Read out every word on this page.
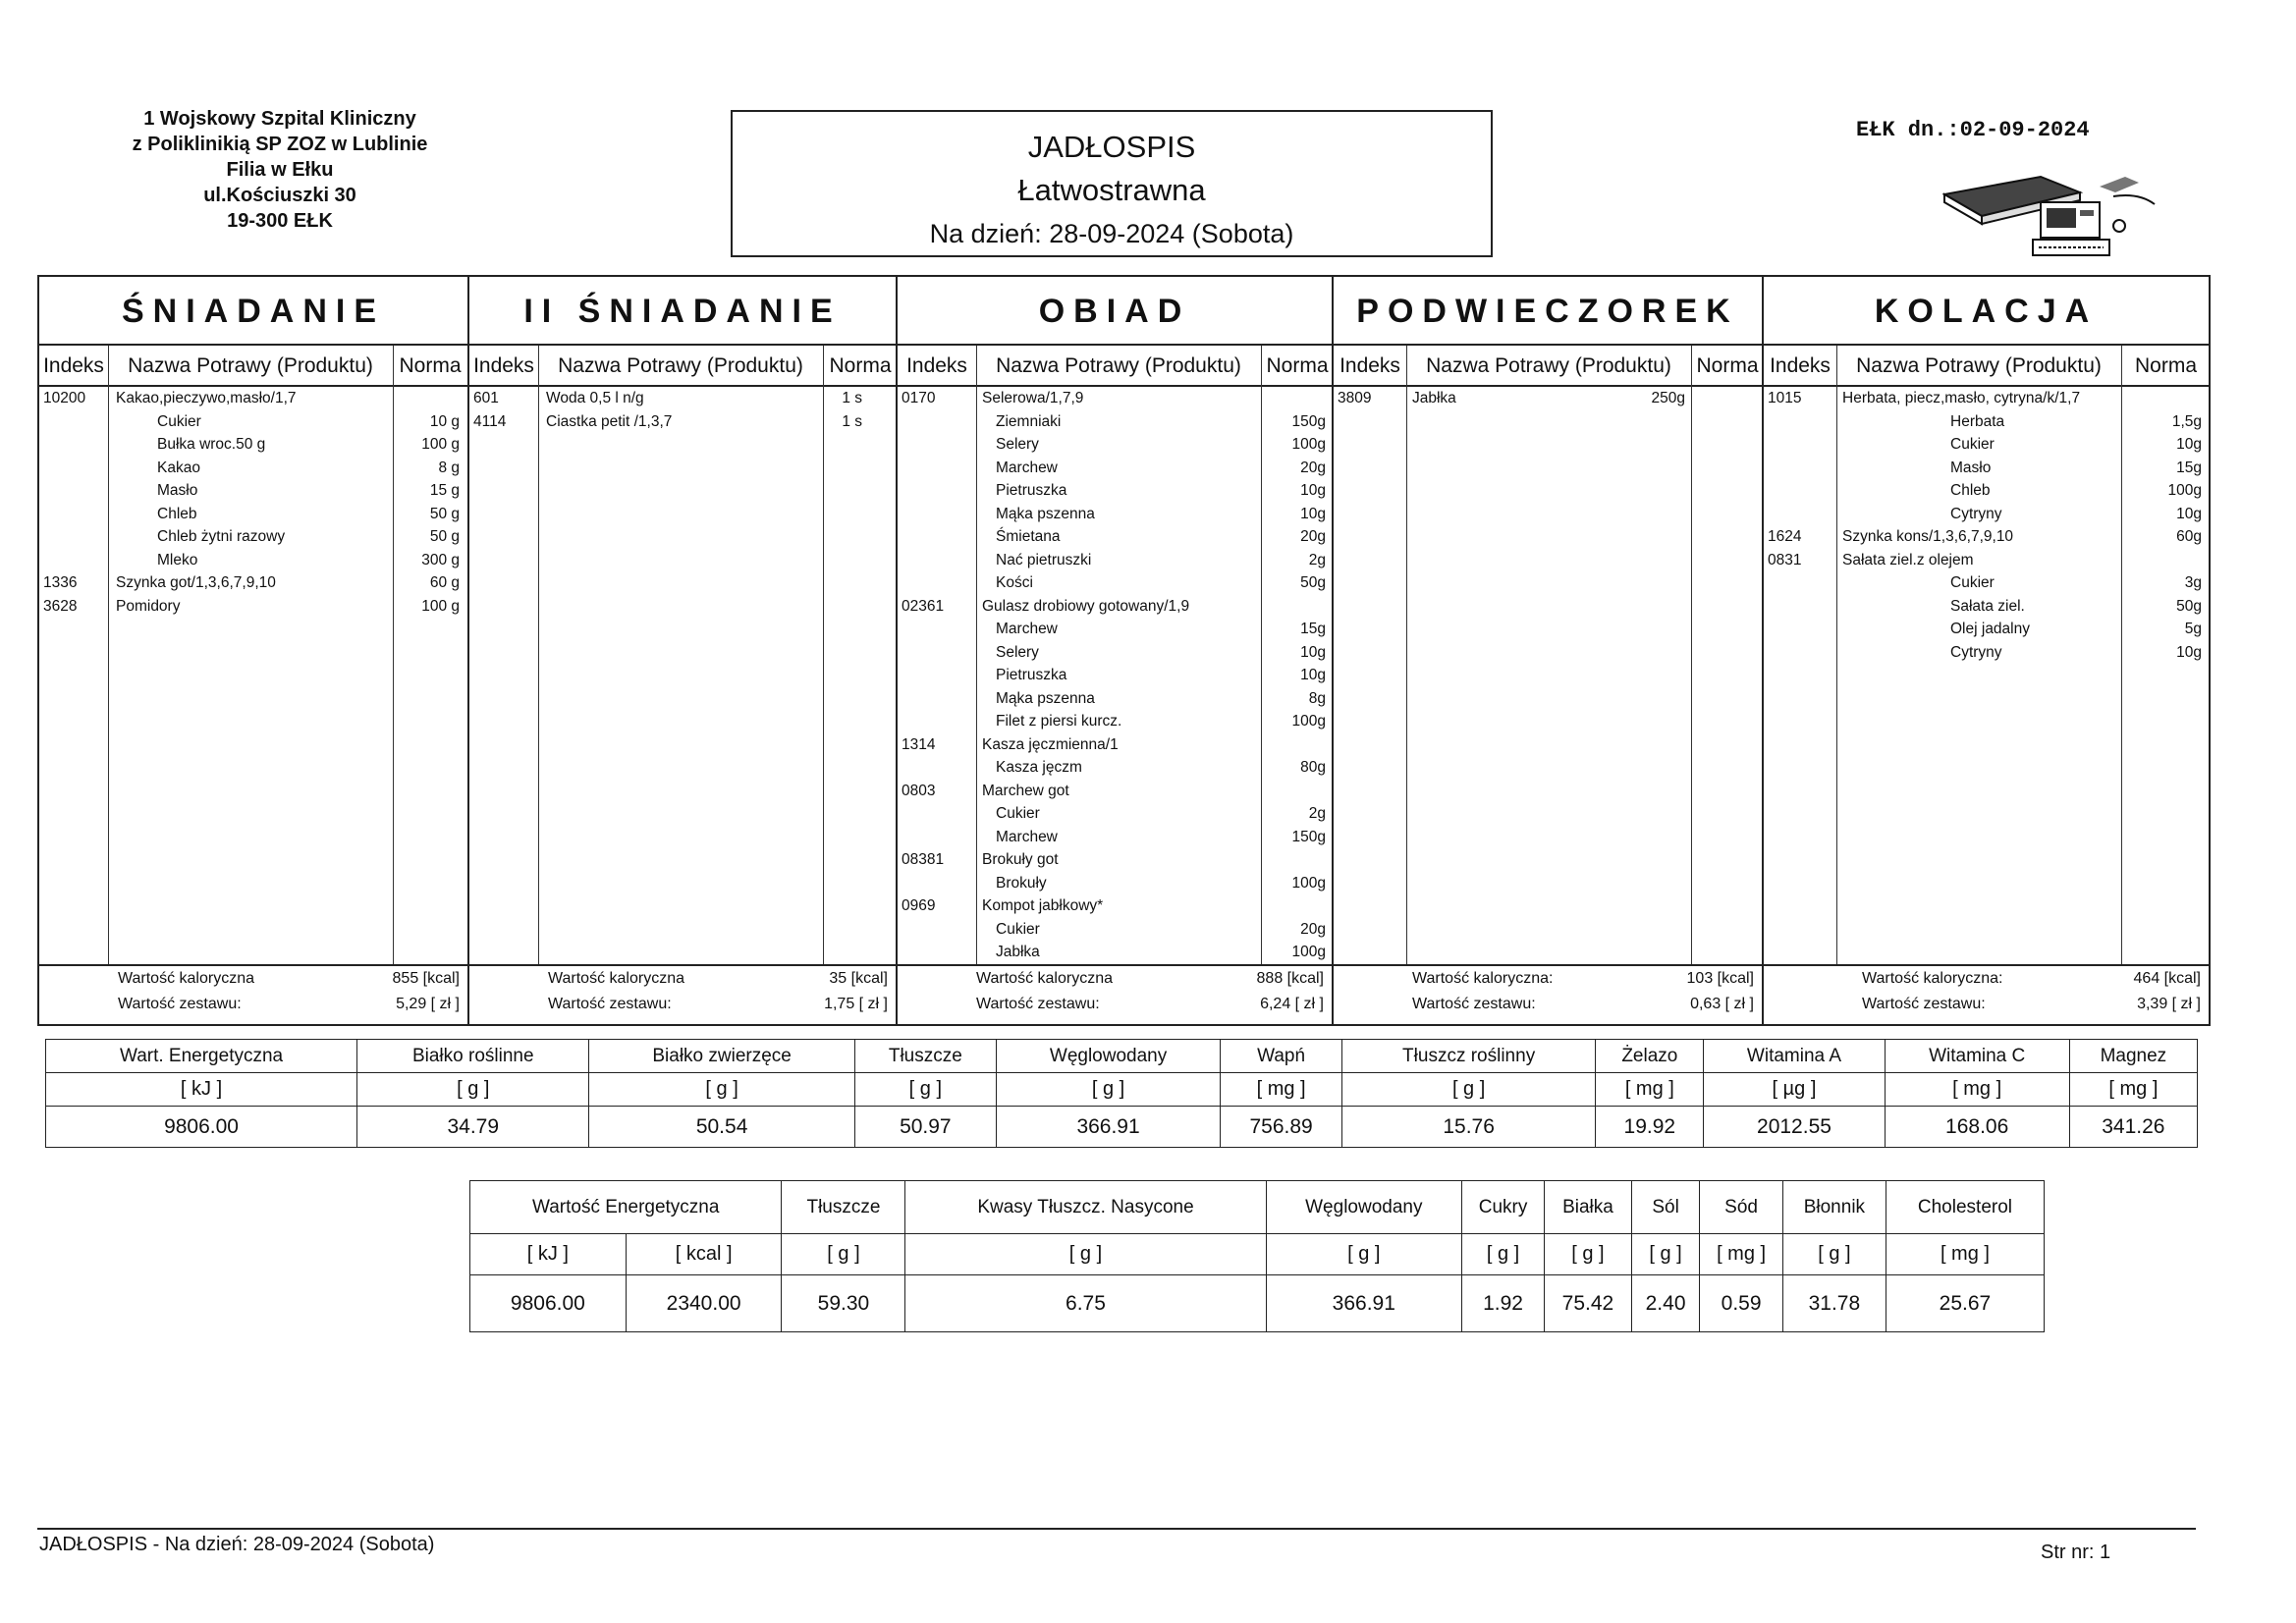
1 Wojskowy Szpital Kliniczny
z Poliklinikią SP ZOZ w Lublinie
Filia w Ełku
ul.Kościuszki 30
19-300 EŁK
JADŁOSPIS
Łatwostrawna
Na dzień: 28-09-2024 (Sobota)
EŁK dn.:02-09-2024
ŚNIADANIE
Indeks	Nazwa Potrawy (Produktu)	Norma
10200 Kakao,pieczywo,masło/1,7
Cukier	10 g
Bułka wroc.50 g	100 g
Kakao	8 g
Masło	15 g
Chleb	50 g
Chleb żytni razowy	50 g
Mleko	300 g
1336	Szynka got/1,3,6,7,9,10	60 g
3628	Pomidory	100 g
Wartość kaloryczna	855 [kcal]
Wartość zestawu:	5,29 [ zł ]
II ŚNIADANIE
Indeks	Nazwa Potrawy (Produktu)	Norma
601	Woda 0,5 l n/g	1 s
4114	Ciastka petit /1,3,7	1 s
Wartość kaloryczna	35 [kcal]
Wartość zestawu:	1,75 [ zł ]
OBIAD
Indeks	Nazwa Potrawy (Produktu)	Norma
0170	Selerowa/1,7,9
Ziemniaki	150g
Selery	100g
Marchew	20g
Pietruszka	10g
Mąka pszenna	10g
Śmietana	20g
Nać pietruszki	2g
Kości	50g
02361	Gulasz drobiowy gotowany/1,9
Marchew	15g
Selery	10g
Pietruszka	10g
Mąka pszenna	8g
Filet z piersi kurcz.	100g
1314	Kasza jęczmienna/1
Kasza jęczm	80g
0803	Marchew got
Cukier	2g
Marchew	150g
08381	Brokuły got
Brokuły	100g
0969	Kompot jabłkowy*
Cukier	20g
Jabłka	100g
Wartość kaloryczna	888 [kcal]
Wartość zestawu:	6,24 [ zł ]
PODWIECZOREK
Indeks	Nazwa Potrawy (Produktu)	Norma
3809	Jabłka	250g
Wartość kaloryczna:	103 [kcal]
Wartość zestawu:	0,63 [ zł ]
KOLACJA
Indeks	Nazwa Potrawy (Produktu)	Norma
1015	Herbata, piecz,masło, cytryna/k/1,7
Herbata	1,5g
Cukier	10g
Masło	15g
Chleb	100g
Cytryny	10g
1624	Szynka kons/1,3,6,7,9,10	60g
0831	Sałata ziel.z olejem
Cukier	3g
Sałata ziel.	50g
Olej jadalny	5g
Cytryny	10g
Wartość kaloryczna:	464 [kcal]
Wartość zestawu:	3,39 [ zł ]
Wart. Energetyczna	Białko roślinne	Białko zwierzęce	Tłuszcze	Węglowodany	Wapń	Tłuszcz roślinny	Żelazo	Witamina A	Witamina C	Magnez
[ kJ ]	[ g ]	[ g ]	[ g ]	[ g ]	[ mg ]	[ g ]	[ mg ]	[ µg ]	[ mg ]	[ mg ]
9806.00	34.79	50.54	50.97	366.91	756.89	15.76	19.92	2012.55	168.06	341.26
Wartość Energetyczna		Tłuszcze	Kwasy Tłuszcz. Nasycone	Węglowodany	Cukry	Białka	Sól	Sód	Błonnik	Cholesterol
[ kJ ]	[ kcal ]	[ g ]	[ g ]	[ g ]	[ g ]	[ g ]	[ g ]	[ mg ]	[ g ]	[ mg ]
9806.00	2340.00	59.30	6.75	366.91	1.92	75.42	2.40	0.59	31.78	25.67
JADŁOSPIS - Na dzień: 28-09-2024 (Sobota)	Str nr: 1
